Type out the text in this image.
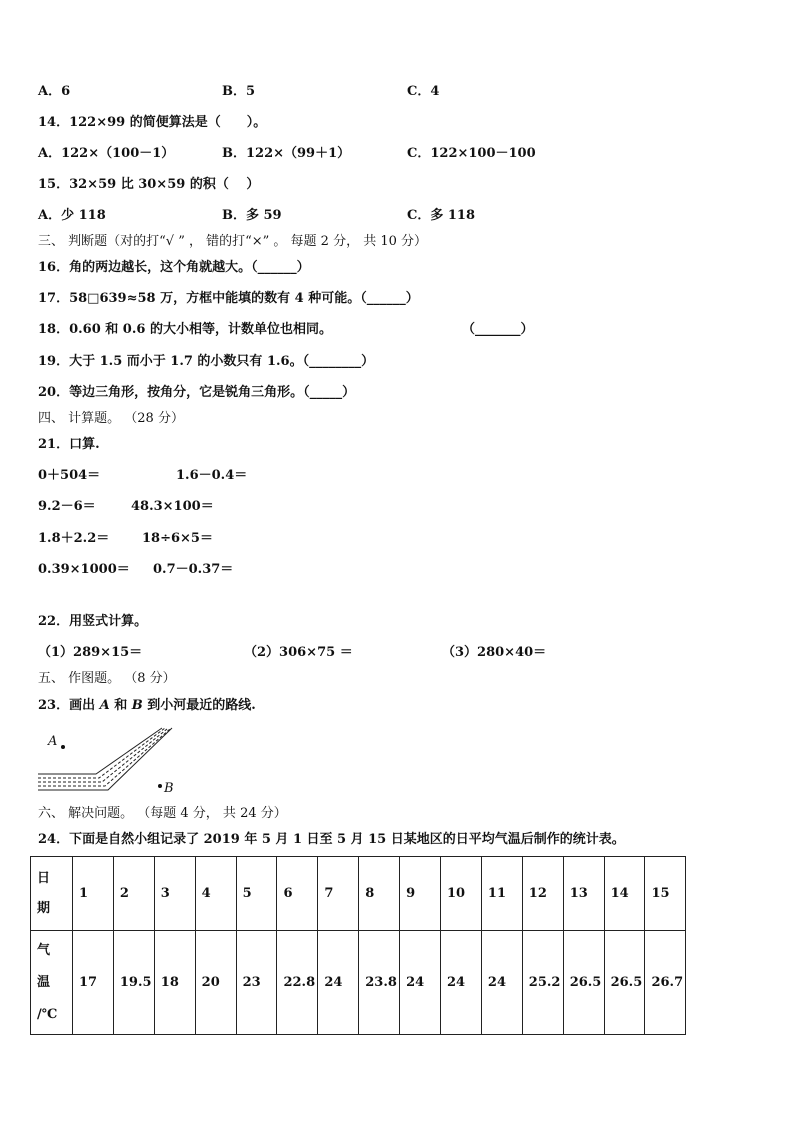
A．6	B．5	C．4
14．122×99 的简便算法是（　　）。
A．122×（100－1）	B．122×（99＋1）	C．122×100－100
15．32×59 比 30×59 的积（　 ）
A．少 118	B．多 59	C．多 118
三、 判断题（对的打“√ ” ， 错的打“×” 。 每题 2 分， 共 10 分）
16．角的两边越长，这个角就越大。（______）
17．58□639≈58 万，方框中能填的数有 4 种可能。（______）
18．0.60 和 0.6 的大小相等，计数单位也相同。	（_______）
19．大于 1.5 而小于 1.7 的小数只有 1.6。（________）
20．等边三角形，按角分，它是锐角三角形。（_____）
四、 计算题。 （28 分）
21．口算.
0＋504＝	1.6－0.4＝
9.2－6＝	48.3×100＝
1.8＋2.2＝	18÷6×5＝
0.39×1000＝ 0.7－0.37＝
22．用竖式计算。
（1）289×15＝	（2）306×75 ＝	（3）280×40＝
五、 作图题。 （8 分）
23．画出 A 和 B 到小河最近的路线.
A
B
六、 解决问题。 （每题 4 分， 共 24 分）
24．下面是自然小组记录了 2019 年 5 月 1 日至 5 月 15 日某地区的日平均气温后制作的统计表。
日
期	1	2	3	4	5	6	7	8	9	10	11	12	13	14	15

气
温
/℃	17	19.5	18	20	23	22.8	24	23.8	24	24	24	25.2	26.5	26.5	26.7
